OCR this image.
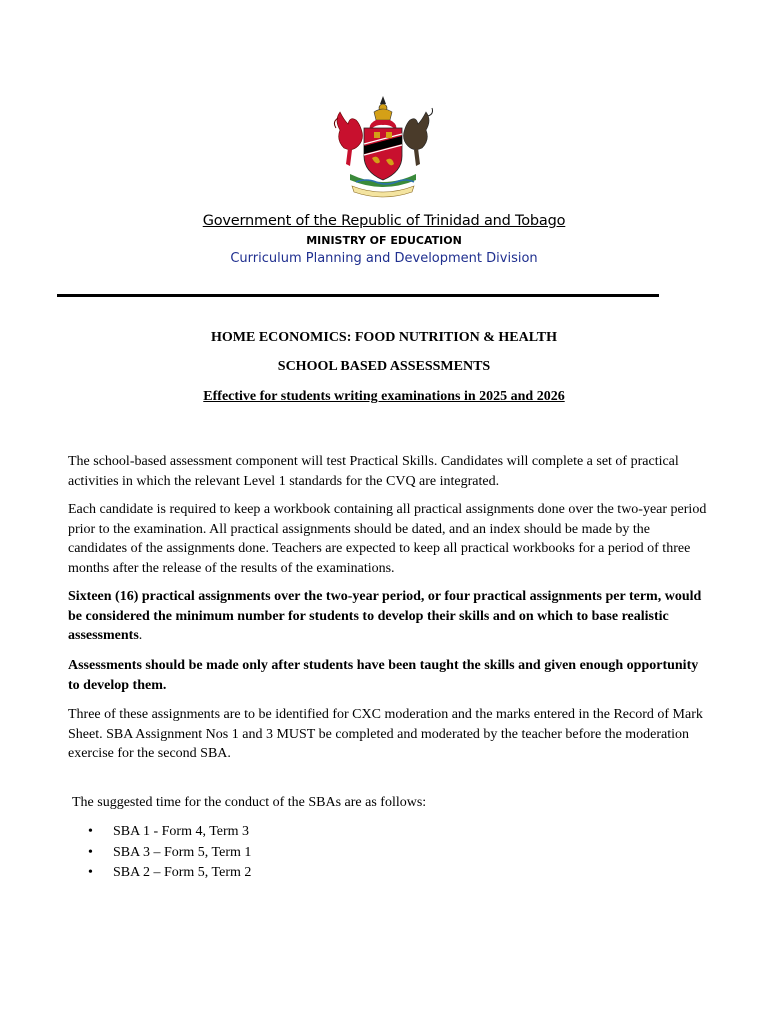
Government of the Republic of Trinidad and Tobago
MINISTRY OF EDUCATION
Curriculum Planning and Development Division
HOME ECONOMICS: FOOD NUTRITION & HEALTH
SCHOOL BASED ASSESSMENTS
Effective for students writing examinations in 2025 and 2026

The school-based assessment component will test Practical Skills. Candidates will complete a set of practical activities in which the relevant Level 1 standards for the CVQ are integrated.

Each candidate is required to keep a workbook containing all practical assignments done over the two-year period prior to the examination. All practical assignments should be dated, and an index should be made by the candidates of the assignments done. Teachers are expected to keep all practical workbooks for a period of three months after the release of the results of the examinations.

Sixteen (16) practical assignments over the two-year period, or four practical assignments per term, would be considered the minimum number for students to develop their skills and on which to base realistic assessments.

Assessments should be made only after students have been taught the skills and given enough opportunity to develop them.

Three of these assignments are to be identified for CXC moderation and the marks entered in the Record of Mark Sheet. SBA Assignment Nos 1 and 3 MUST be completed and moderated by the teacher before the moderation exercise for the second SBA.

The suggested time for the conduct of the SBAs are as follows:

• SBA 1 - Form 4, Term 3
• SBA 3 – Form 5, Term 1
• SBA 2 – Form 5, Term 2
